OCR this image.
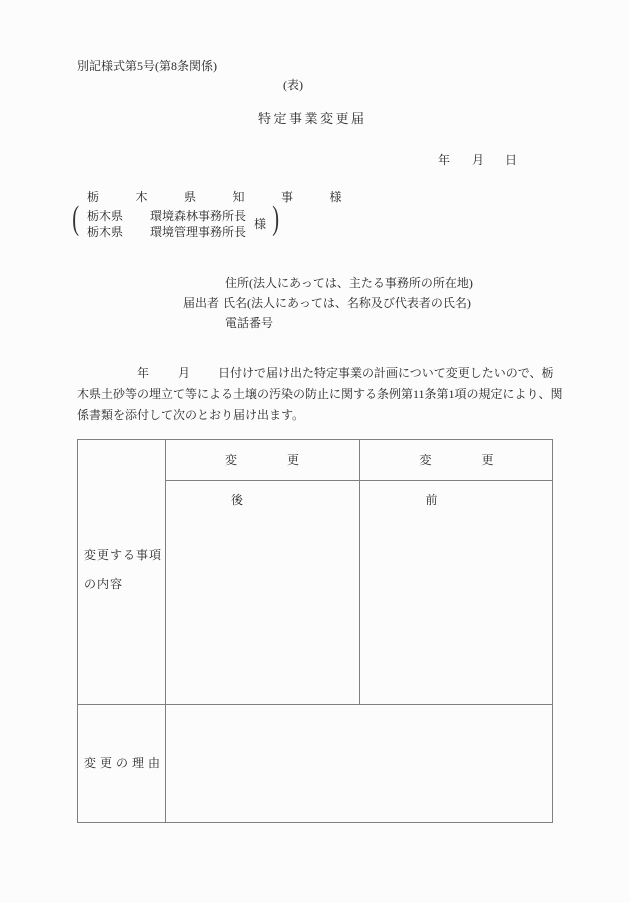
別記様式第5号(第8条関係)
(表)
特定事業変更届
年 月 日
栃木県知事様
( 栃木県 環境森林事務所長
栃木県 環境管理事務所長
様 )
住所(法人にあっては、主たる事務所の所在地)
届出者 氏名(法人にあっては、名称及び代表者の氏名)
電話番号
年 月 日付けで届け出た特定事業の計画について変更したいので、栃
木県土砂等の埋立て等による土壌の汚染の防止に関する条例第11条第1項の規定により、関
係書類を添付して次のとおり届け出ます。
変更後
変更前
変更する事項
の内容
変更の理由
